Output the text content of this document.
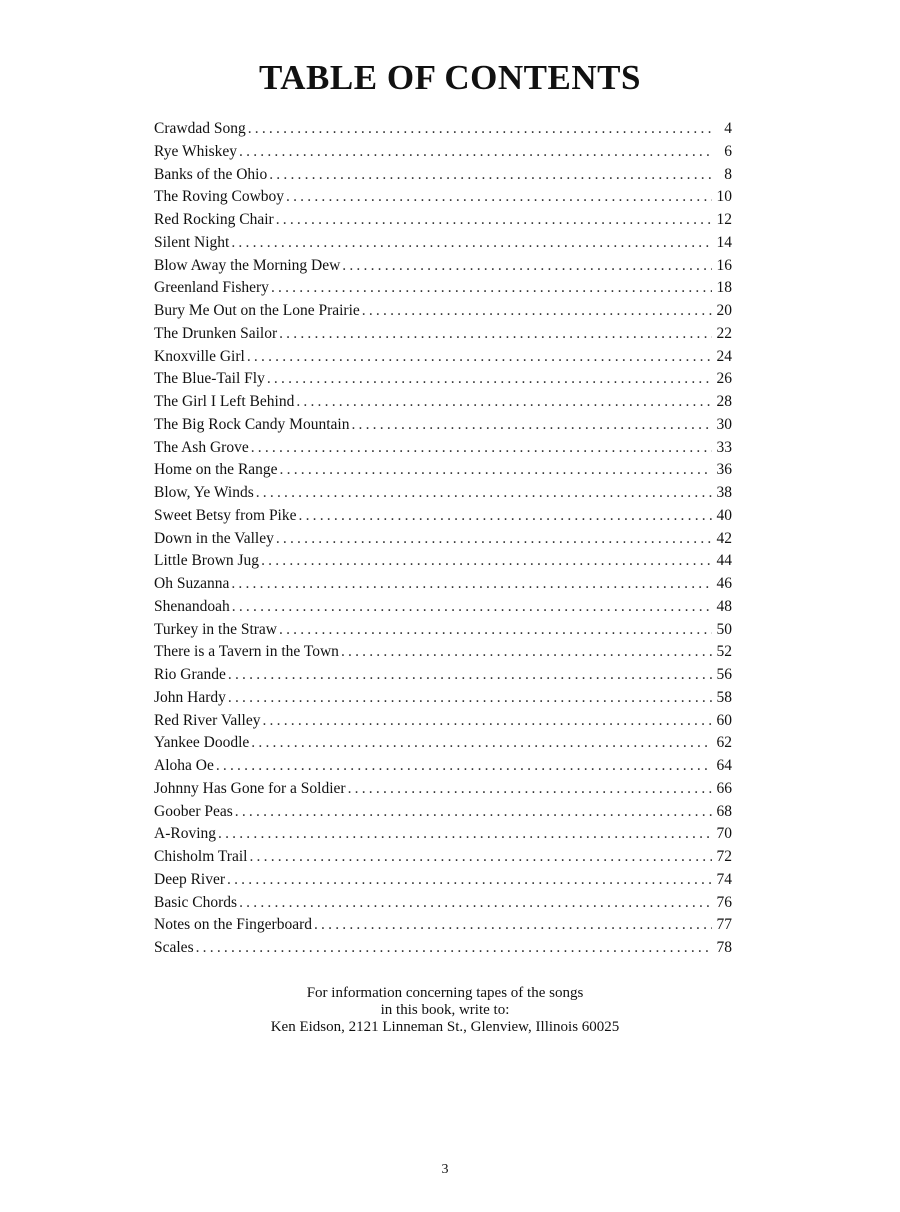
TABLE OF CONTENTS
Crawdad Song .....	4
Rye Whiskey .....	6
Banks of the Ohio .....	8
The Roving Cowboy .....	10
Red Rocking Chair .....	12
Silent Night .....	14
Blow Away the Morning Dew .....	16
Greenland Fishery .....	18
Bury Me Out on the Lone Prairie .....	20
The Drunken Sailor .....	22
Knoxville Girl .....	24
The Blue-Tail Fly .....	26
The Girl I Left Behind .....	28
The Big Rock Candy Mountain .....	30
The Ash Grove .....	33
Home on the Range .....	36
Blow, Ye Winds .....	38
Sweet Betsy from Pike .....	40
Down in the Valley .....	42
Little Brown Jug .....	44
Oh Suzanna .....	46
Shenandoah .....	48
Turkey in the Straw .....	50
There is a Tavern in the Town .....	52
Rio Grande .....	56
John Hardy .....	58
Red River Valley .....	60
Yankee Doodle .....	62
Aloha Oe .....	64
Johnny Has Gone for a Soldier .....	66
Goober Peas .....	68
A-Roving .....	70
Chisholm Trail .....	72
Deep River .....	74
Basic Chords .....	76
Notes on the Fingerboard .....	77
Scales .....	78
For information concerning tapes of the songs
in this book, write to:
Ken Eidson, 2121 Linneman St., Glenview, Illinois 60025
3
